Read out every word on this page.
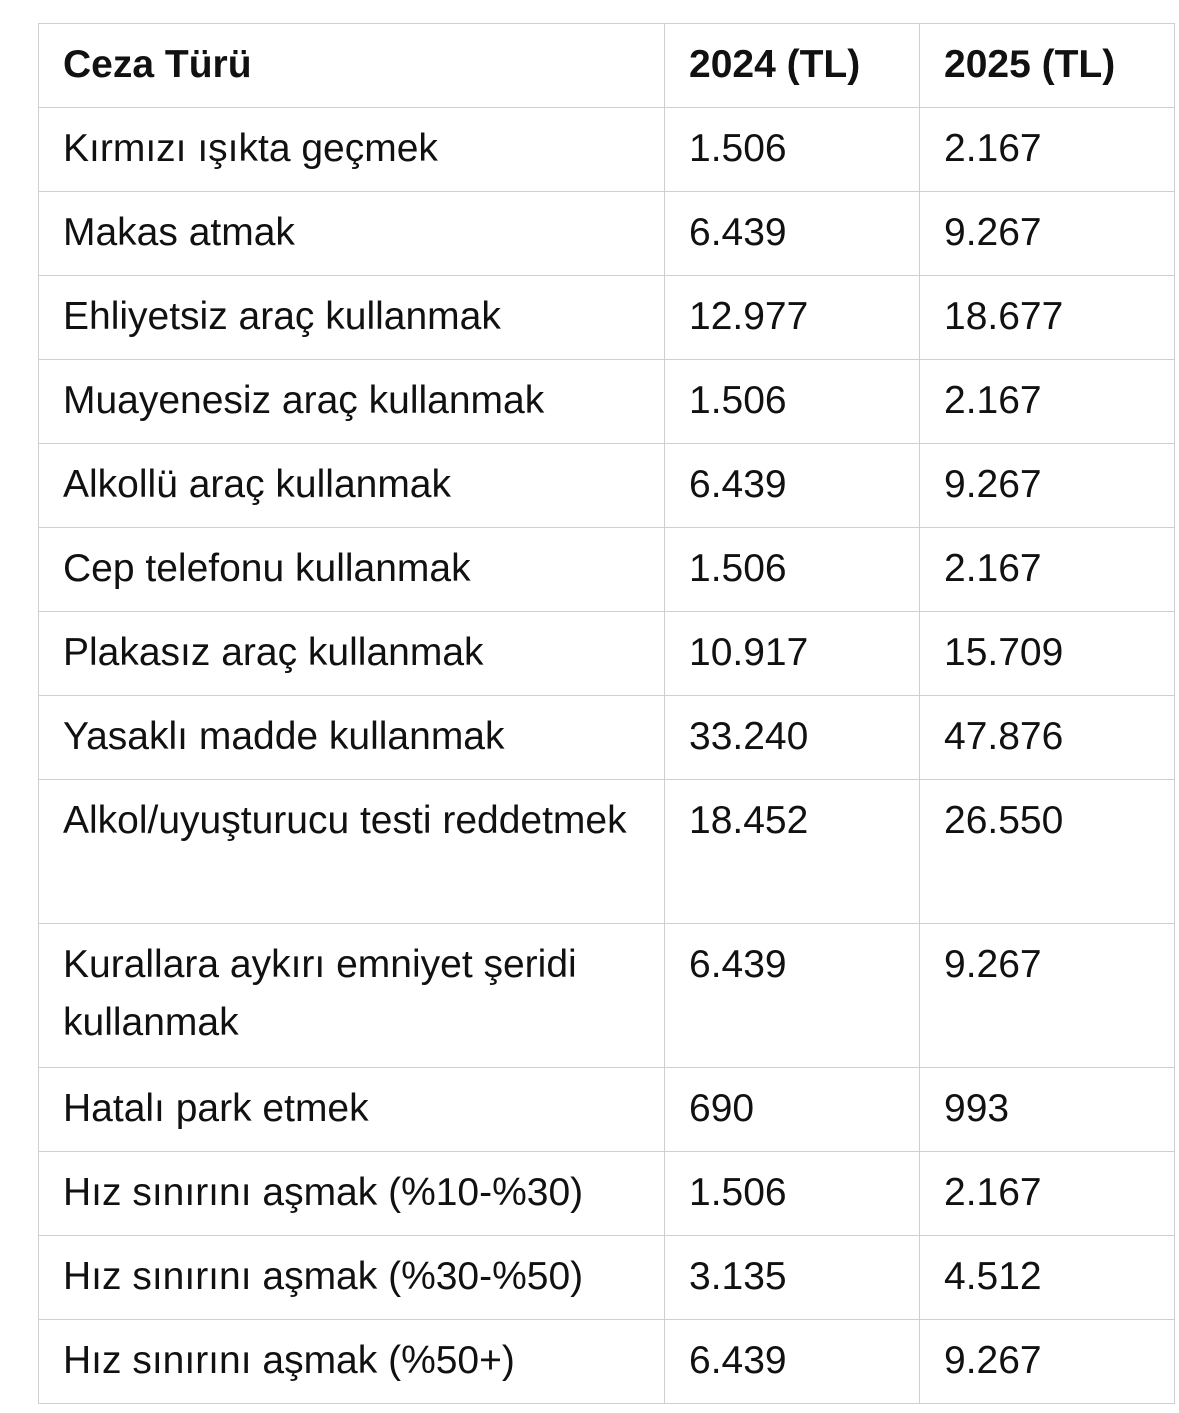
Ceza Türü	2024 (TL)	2025 (TL)
Kırmızı ışıkta geçmek	1.506	2.167
Makas atmak	6.439	9.267
Ehliyetsiz araç kullanmak	12.977	18.677
Muayenesiz araç kullanmak	1.506	2.167
Alkollü araç kullanmak	6.439	9.267
Cep telefonu kullanmak	1.506	2.167
Plakasız araç kullanmak	10.917	15.709
Yasaklı madde kullanmak	33.240	47.876
Alkol/uyuşturucu testi reddetmek	18.452	26.550
Kurallara aykırı emniyet şeridi kullanmak	6.439	9.267
Hatalı park etmek	690	993
Hız sınırını aşmak (%10-%30)	1.506	2.167
Hız sınırını aşmak (%30-%50)	3.135	4.512
Hız sınırını aşmak (%50+)	6.439	9.267
